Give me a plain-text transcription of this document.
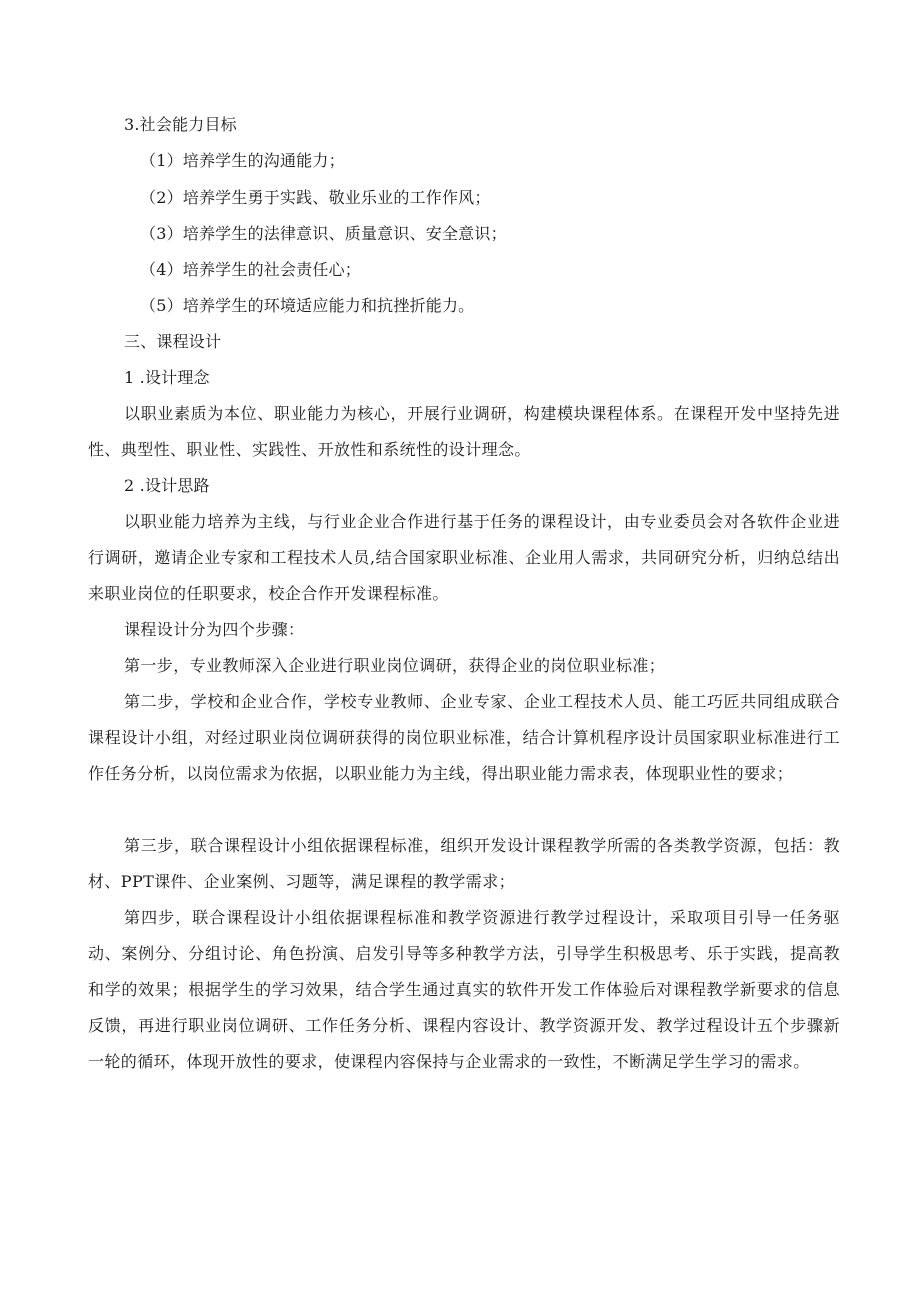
3.社会能力目标
（1）培养学生的沟通能力；
（2）培养学生勇于实践、敬业乐业的工作作风；
（3）培养学生的法律意识、质量意识、安全意识；
（4）培养学生的社会责任心；
（5）培养学生的环境适应能力和抗挫折能力。
三、课程设计
1 .设计理念

以职业素质为本位、职业能力为核心，开展行业调研，构建模块课程体系。在课程开发中坚持先进性、典型性、职业性、实践性、开放性和系统性的设计理念。

2 .设计思路

以职业能力培养为主线，与行业企业合作进行基于任务的课程设计，由专业委员会对各软件企业进行调研，邀请企业专家和工程技术人员,结合国家职业标准、企业用人需求，共同研究分析，归纳总结出来职业岗位的任职要求，校企合作开发课程标准。

课程设计分为四个步骤：

第一步，专业教师深入企业进行职业岗位调研，获得企业的岗位职业标准；

第二步，学校和企业合作，学校专业教师、企业专家、企业工程技术人员、能工巧匠共同组成联合课程设计小组，对经过职业岗位调研获得的岗位职业标准，结合计算机程序设计员国家职业标准进行工作任务分析，以岗位需求为依据，以职业能力为主线，得出职业能力需求表，体现职业性的要求；

第三步，联合课程设计小组依据课程标准，组织开发设计课程教学所需的各类教学资源，包括：教材、PPT课件、企业案例、习题等，满足课程的教学需求；

第四步，联合课程设计小组依据课程标准和教学资源进行教学过程设计，采取项目引导一任务驱动、案例分、分组讨论、角色扮演、启发引导等多种教学方法，引导学生积极思考、乐于实践，提高教和学的效果；根据学生的学习效果，结合学生通过真实的软件开发工作体验后对课程教学新要求的信息反馈，再进行职业岗位调研、工作任务分析、课程内容设计、教学资源开发、教学过程设计五个步骤新一轮的循环，体现开放性的要求，使课程内容保持与企业需求的一致性，不断满足学生学习的需求。
